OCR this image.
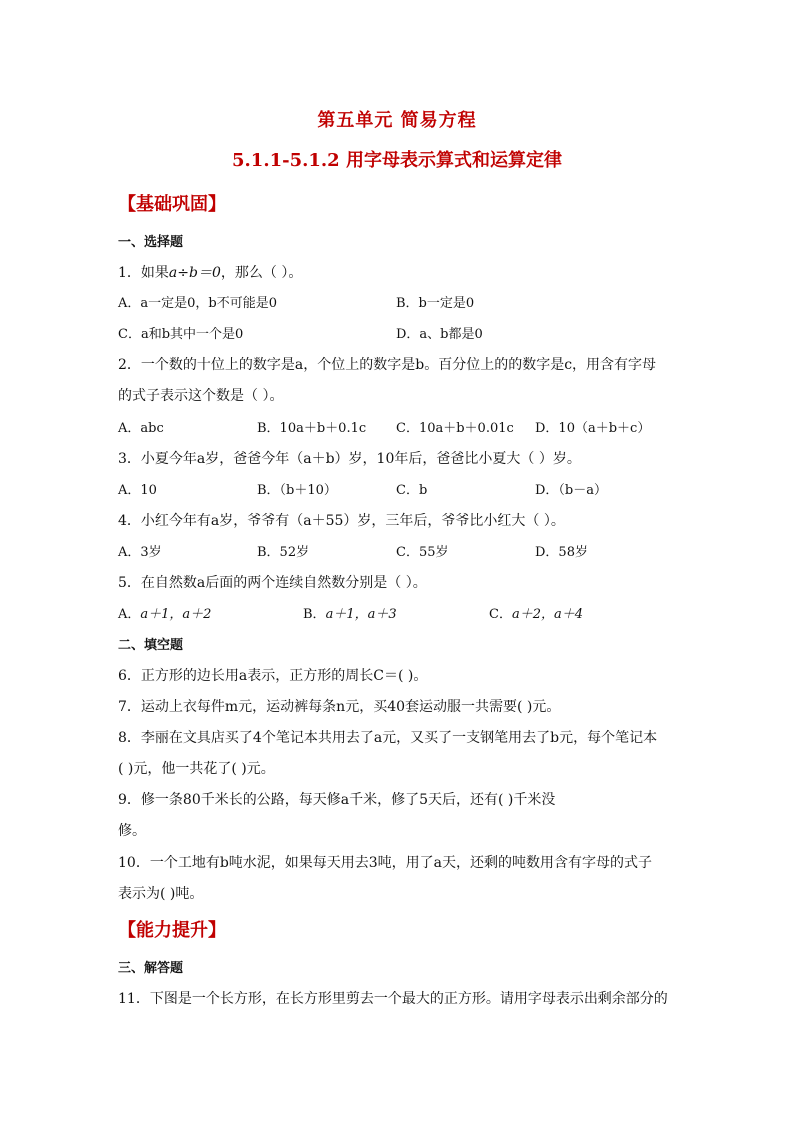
第五单元 简易方程
5.1.1-5.1.2 用字母表示算式和运算定律
【基础巩固】
一、选择题
1．如果a÷b＝0，那么（ ）。
A．a一定是0，b不可能是0	B．b一定是0
C．a和b其中一个是0	D．a、b都是0
2．一个数的十位上的数字是a，个位上的数字是b。百分位上的的数字是c，用含有字母
的式子表示这个数是（ ）。
A．abc	B．10a＋b＋0.1c C．10a＋b＋0.01c D．10（a＋b＋c）
3．小夏今年a岁，爸爸今年（a＋b）岁，10年后，爸爸比小夏大（ ）岁。
A．10	B．（b＋10）	C．b	D．（b－a）
4．小红今年有a岁，爷爷有（a＋55）岁，三年后，爷爷比小红大（ ）。
A．3岁	B．52岁	C．55岁	D．58岁
5．在自然数a后面的两个连续自然数分别是（ ）。
A．a＋1，a＋2	B．a＋1，a＋3	C．a＋2，a＋4
二、填空题
6．正方形的边长用a表示，正方形的周长C＝( )。
7．运动上衣每件m元，运动裤每条n元，买40套运动服一共需要( )元。
8．李丽在文具店买了4个笔记本共用去了a元，又买了一支钢笔用去了b元，每个笔记本
( )元，他一共花了( )元。
9．修一条80千米长的公路，每天修a千米，修了5天后，还有( )千米没
修。
10．一个工地有b吨水泥，如果每天用去3吨，用了a天，还剩的吨数用含有字母的式子
表示为( )吨。
【能力提升】
三、解答题
11．下图是一个长方形，在长方形里剪去一个最大的正方形。请用字母表示出剩余部分的
